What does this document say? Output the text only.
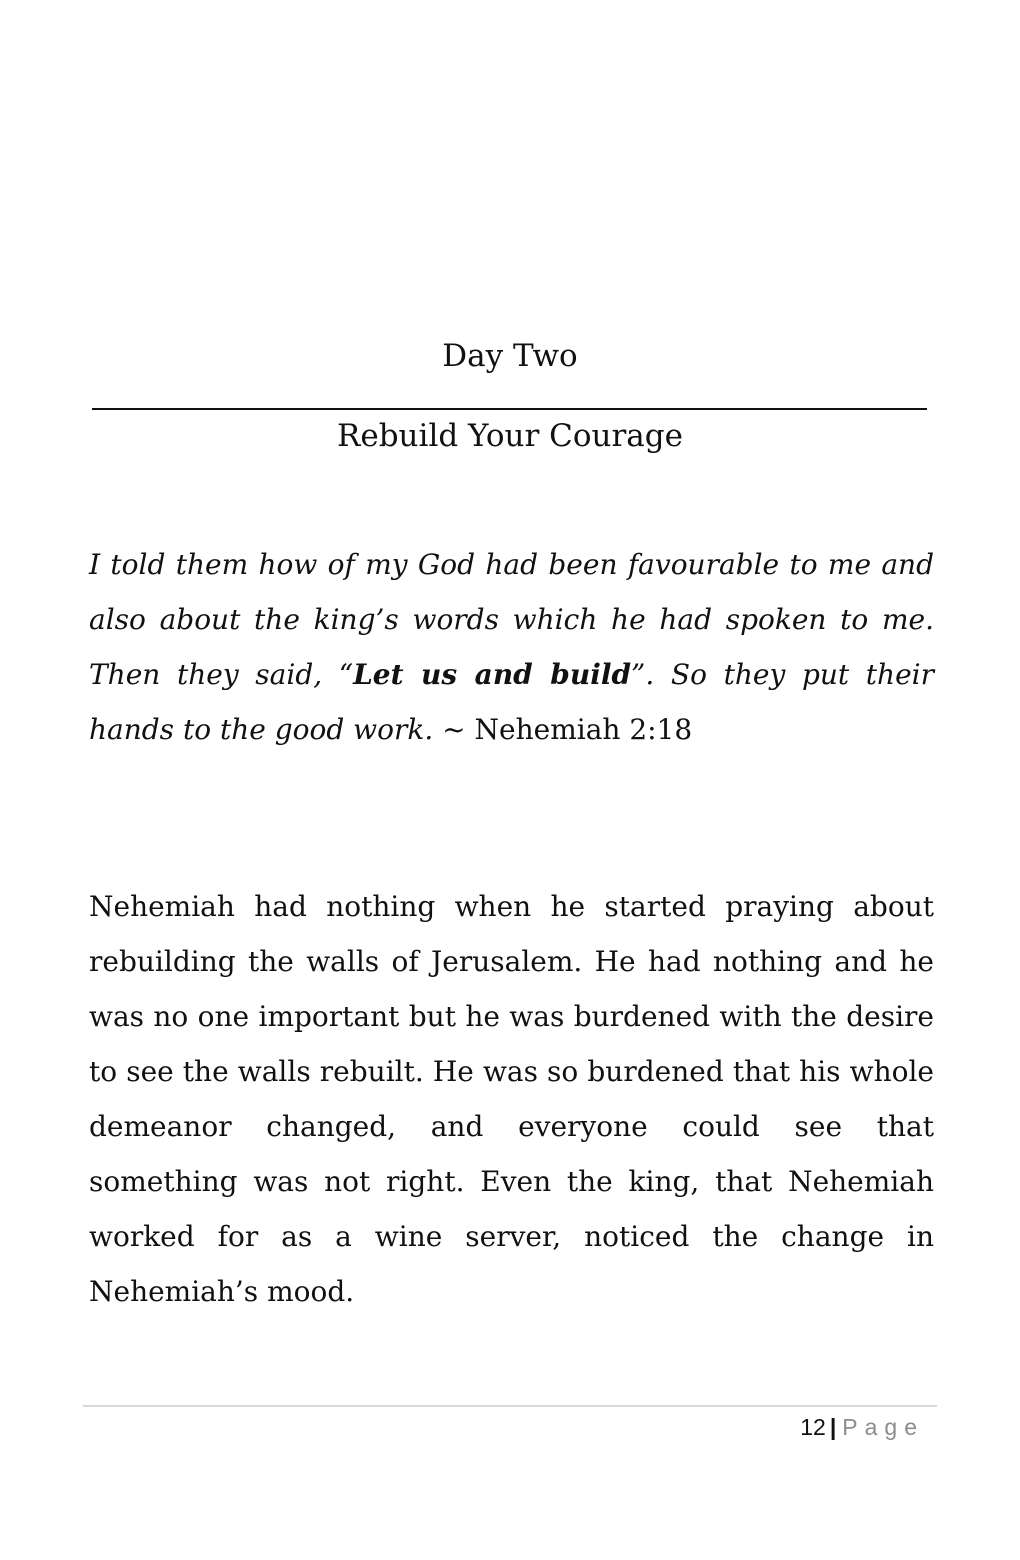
Day Two
Rebuild Your Courage
I told them how of my God had been favourable to me and also about the king’s words which he had spoken to me. Then they said, “Let us and build”. So they put their hands to the good work. ~ Nehemiah 2:18
Nehemiah had nothing when he started praying about rebuilding the walls of Jerusalem. He had nothing and he was no one important but he was burdened with the desire to see the walls rebuilt. He was so burdened that his whole demeanor changed, and everyone could see that something was not right. Even the king, that Nehemiah worked for as a wine server, noticed the change in Nehemiah’s mood.
12 | Page
